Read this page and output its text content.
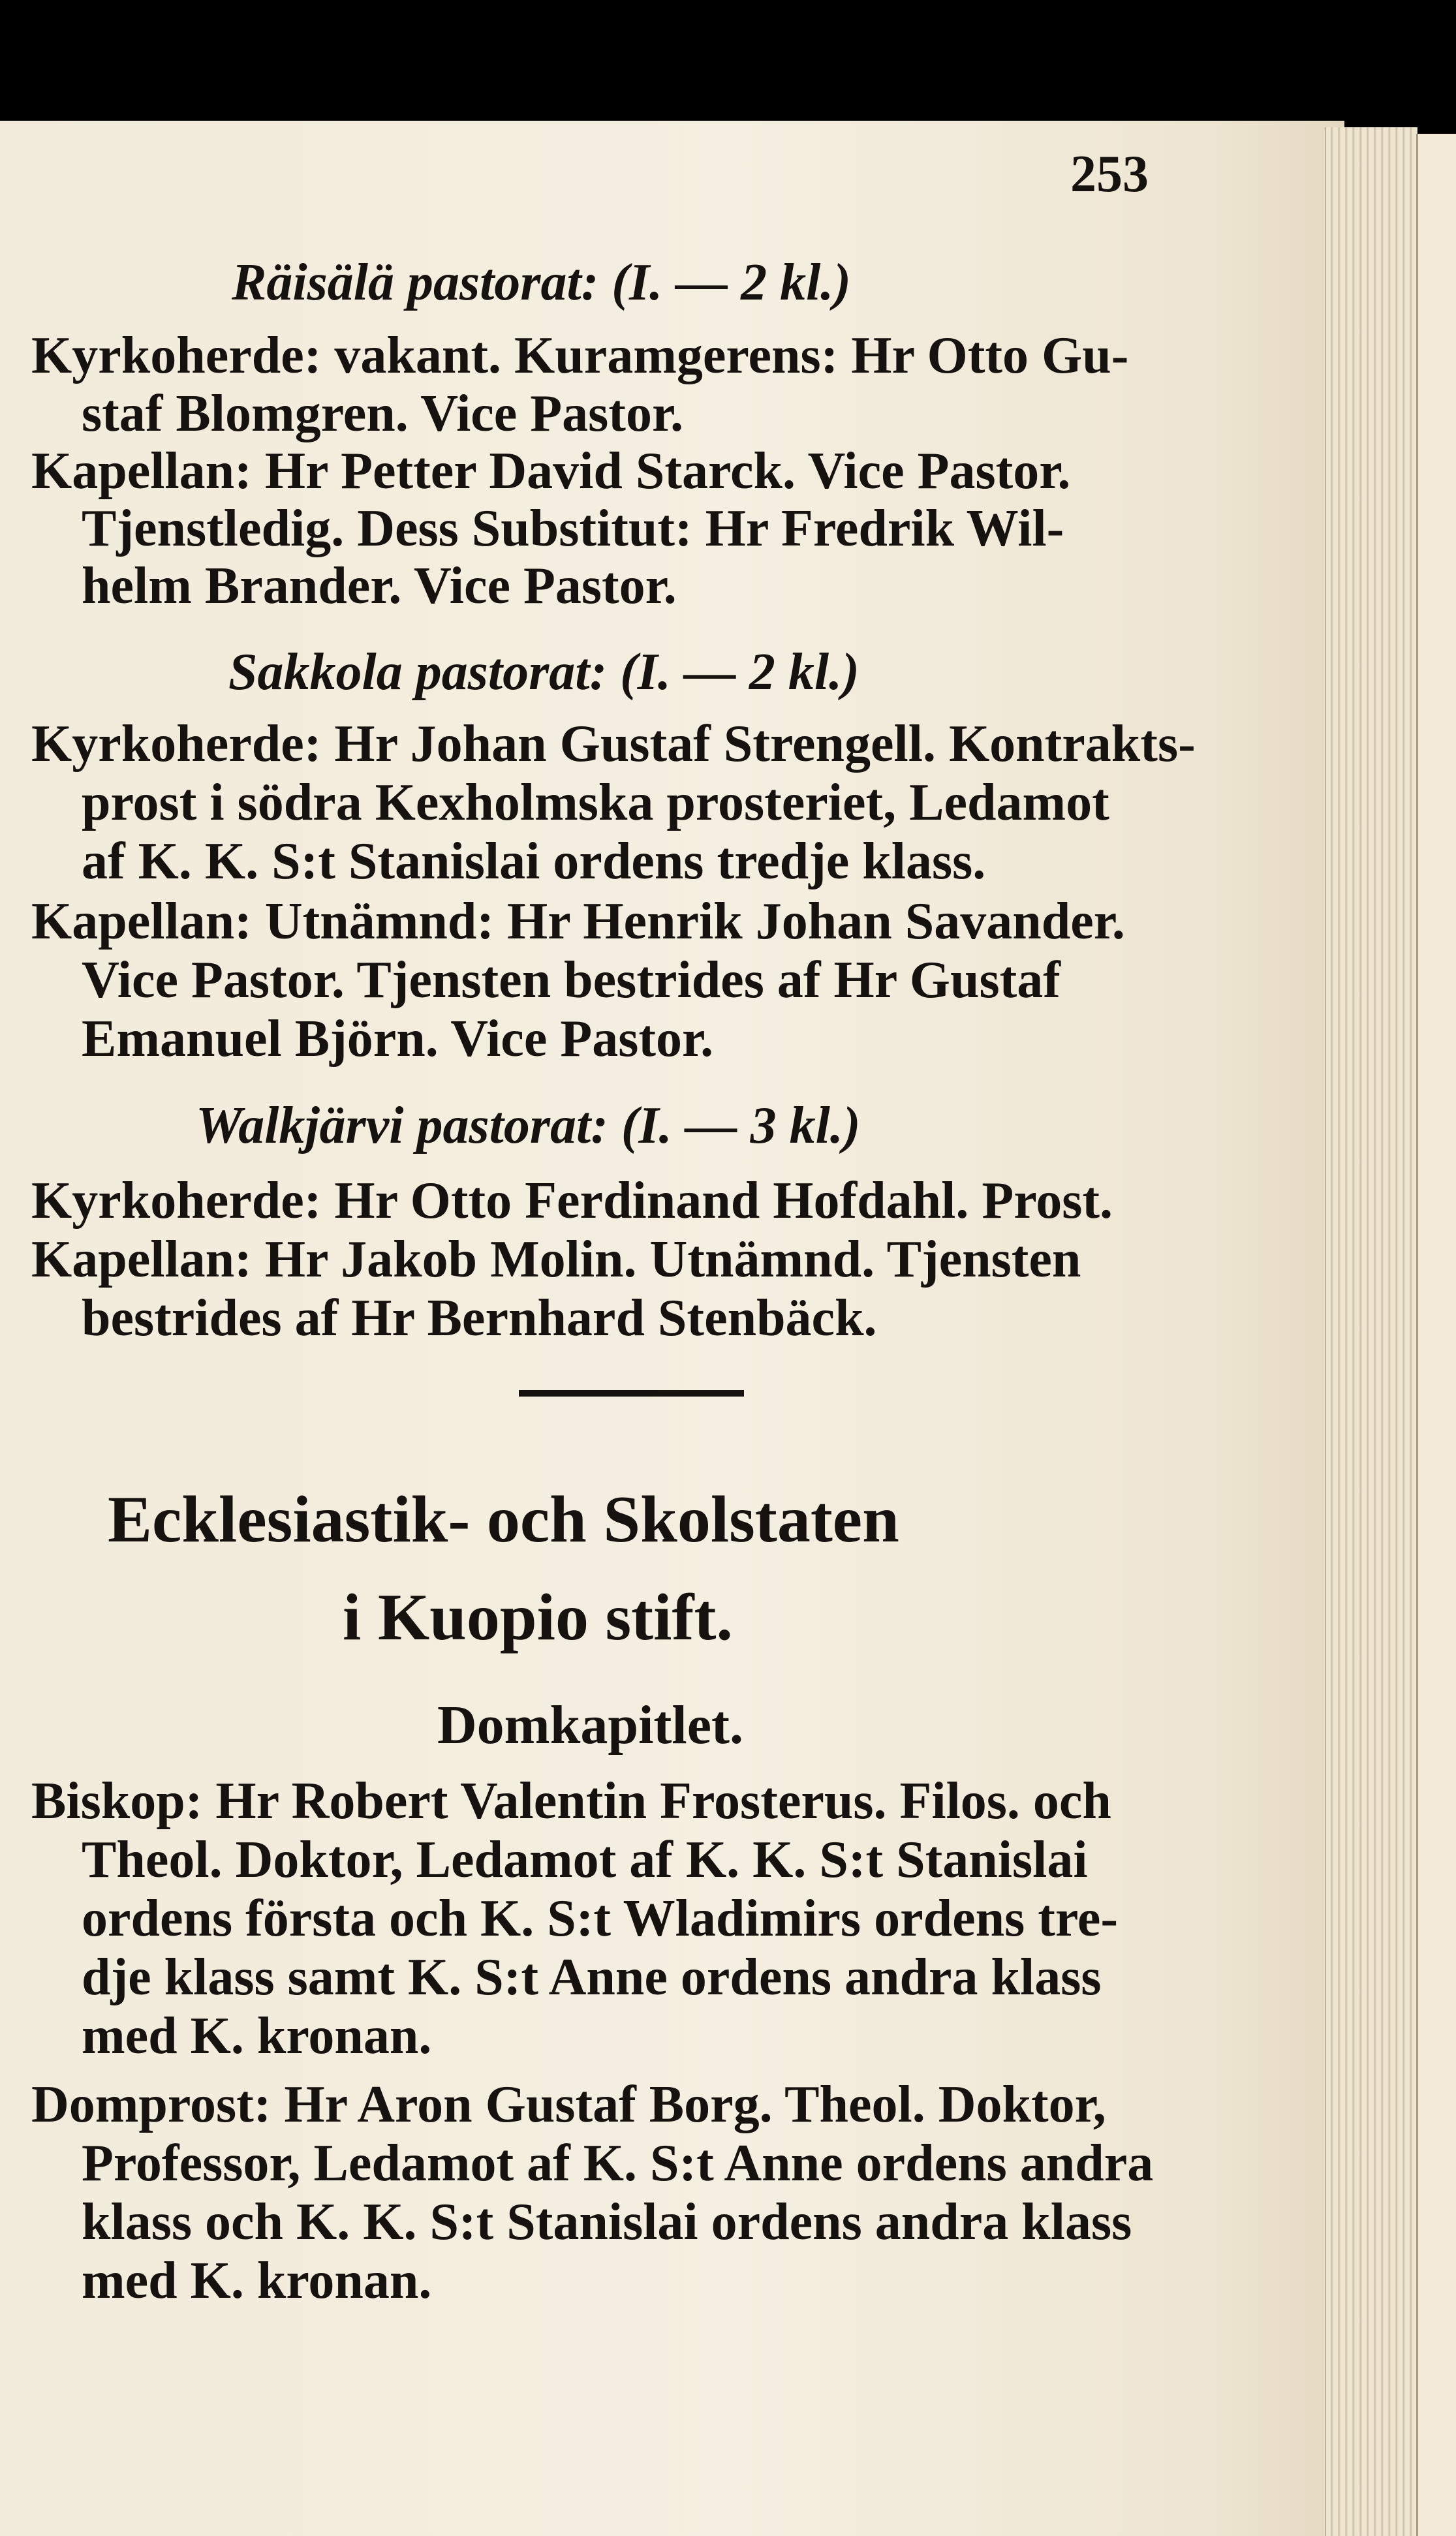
253
Räisälä pastorat: (I. — 2 kl.)
Kyrkoherde: vakant. Kuramgerens: Hr Otto Gu-
staf Blomgren. Vice Pastor.
Kapellan: Hr Petter David Starck. Vice Pastor.
Tjenstledig. Dess Substitut: Hr Fredrik Wil-
helm Brander. Vice Pastor.
Sakkola pastorat: (I. — 2 kl.)
Kyrkoherde: Hr Johan Gustaf Strengell. Kontrakts-
prost i södra Kexholmska prosteriet, Ledamot
af K. K. S:t Stanislai ordens tredje klass.
Kapellan: Utnämnd: Hr Henrik Johan Savander.
Vice Pastor. Tjensten bestrides af Hr Gustaf
Emanuel Björn. Vice Pastor.
Walkjärvi pastorat: (I. — 3 kl.)
Kyrkoherde: Hr Otto Ferdinand Hofdahl. Prost.
Kapellan: Hr Jakob Molin. Utnämnd. Tjensten
bestrides af Hr Bernhard Stenbäck.
Ecklesiastik- och Skolstaten
i Kuopio stift.
Domkapitlet.
Biskop: Hr Robert Valentin Frosterus. Filos. och
Theol. Doktor, Ledamot af K. K. S:t Stanislai
ordens första och K. S:t Wladimirs ordens tre-
dje klass samt K. S:t Anne ordens andra klass
med K. kronan.
Domprost: Hr Aron Gustaf Borg. Theol. Doktor,
Professor, Ledamot af K. S:t Anne ordens andra
klass och K. K. S:t Stanislai ordens andra klass
med K. kronan.
